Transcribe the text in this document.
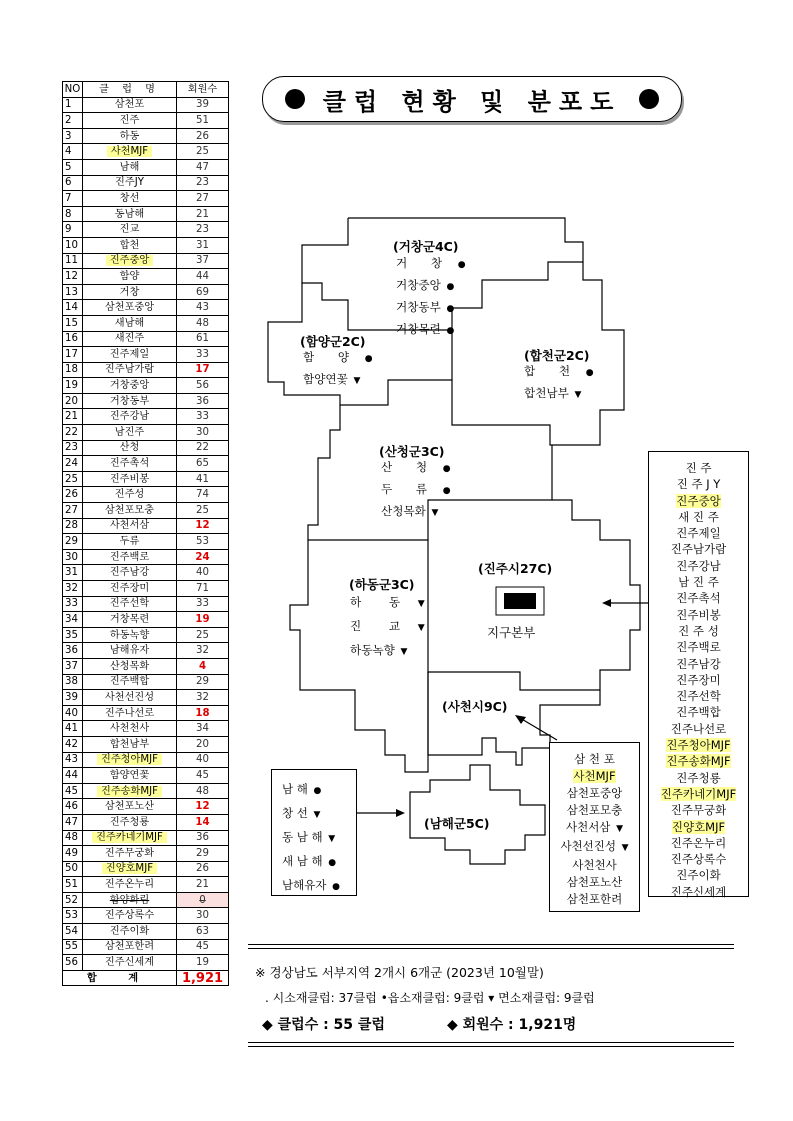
NO	클 럽 명	회원수
1	삼천포	39
2	진주	51
3	하동	26
4	사천MJF	25
5	남해	47
6	진주JY	23
7	창선	27
8	동남해	21
9	진교	23
10	합천	31
11	진주중앙	37
12	함양	44
13	거창	69
14	삼천포중앙	43
15	새남해	48
16	새진주	61
17	진주제일	33
18	진주남가람	17
19	거창중앙	56
20	거창동부	36
21	진주강남	33
22	남진주	30
23	산청	22
24	진주촉석	65
25	진주비봉	41
26	진주성	74
27	삼천포모충	25
28	사천서삼	12
29	두류	53
30	진주백로	24
31	진주남강	40
32	진주장미	71
33	진주선학	33
34	거창목련	19
35	하동녹향	25
36	남해유자	32
37	산청목화	4
38	진주백합	29
39	사천선진성	32
40	진주나선로	18
41	사천천사	34
42	합천남부	20
43	진주청아MJF	40
44	함양연꽃	45
45	진주송화MJF	48
46	삼천포노산	12
47	진주청룡	14
48	진주카네기MJF	36
49	진주무궁화	29
50	진양호MJF	26
51	진주온누리	21
52	함양화림	0
53	진주상록수	30
54	진주이화	63
55	삼천포한려	45
56	진주신세계	19
합 계		1,921
클럽 현황 및 분포도
(거창군4C)
거 창 ●
거창중앙 ●
거창동부 ●
거창목련 ●
(함양군2C)
함 양 ●
함양연꽃 ▼
(합천군2C)
합 천 ●
합천남부 ▼
(산청군3C)
산 청 ●
두 류 ●
산청목화 ▼
(하동군3C)
하 동 ▼
진 교 ▼
하동녹향 ▼
(진주시27C)
지구본부
(사천시9C)
(남해군5C)
남 해 ●
창 선 ▼
동 남 해 ▼
새 남 해 ●
남해유자 ●
삼 천 포
사천MJF
삼천포중앙
삼천포모충
사천서삼 ▼
사천선진성 ▼
사천천사
삼천포노산
삼천포한려
진 주
진 주 J Y
진주중앙
새 진 주
진주제일
진주남가람
진주강남
남 진 주
진주촉석
진주비봉
진 주 성
진주백로
진주남강
진주장미
진주선학
진주백합
진주나선로
진주청아MJF
진주송화MJF
진주청룡
진주카네기MJF
진주무궁화
진양호MJF
진주온누리
진주상록수
진주이화
진주신세계
※ 경상남도 서부지역 2개시 6개군 (2023년 10월말)
. 시소재클럽: 37클럽 •읍소재클럽: 9클럽 ▾ 면소재클럽: 9클럽
◆ 클럽수 : 55 클럽	◆ 회원수 : 1,921명
